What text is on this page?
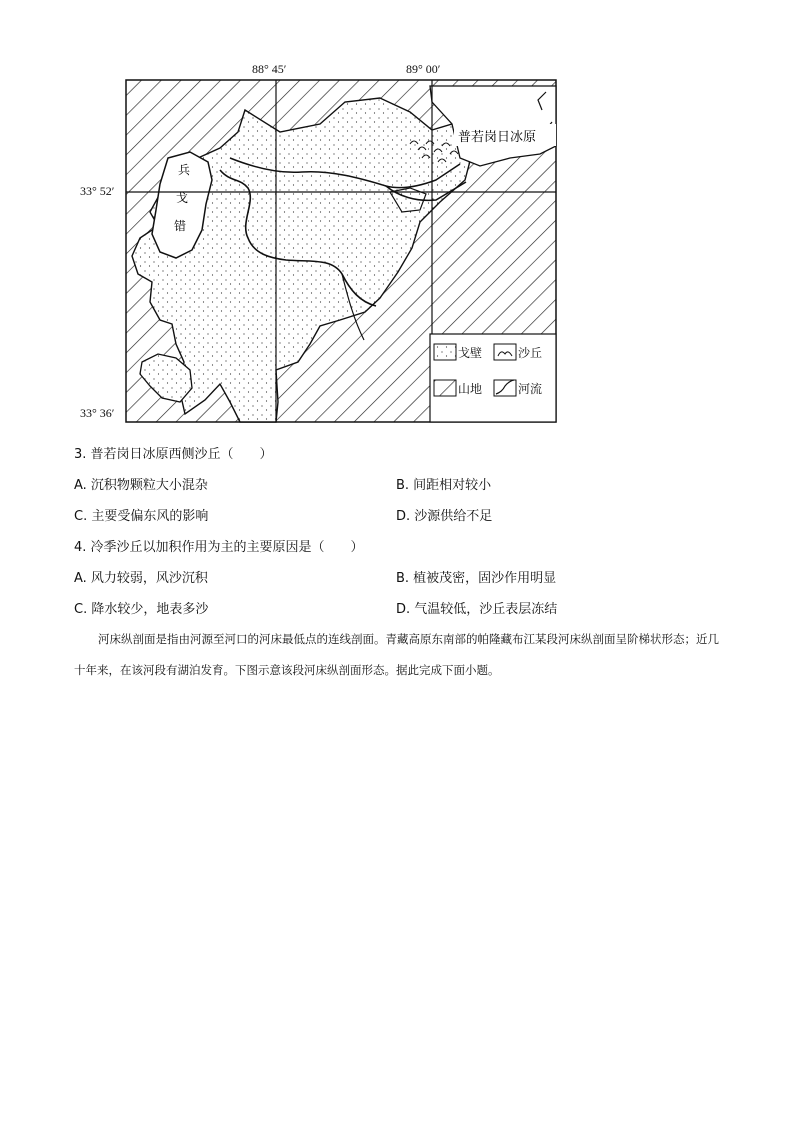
兵
戈
错
普若岗日冰原
戈壁	沙丘
山地	河流
88° 45′	89° 00′
33° 52′
33° 36′
3. 普若岗日冰原西侧沙丘（　　）
A. 沉积物颗粒大小混杂	B. 间距相对较小
C. 主要受偏东风的影响	D. 沙源供给不足
4. 冷季沙丘以加积作用为主的主要原因是（　　）
A. 风力较弱，风沙沉积	B. 植被茂密，固沙作用明显
C. 降水较少，地表多沙	D. 气温较低，沙丘表层冻结
河床纵剖面是指由河源至河口的河床最低点的连线剖面。青藏高原东南部的帕隆藏布江某段河床纵剖面呈阶梯状形态；近几十年来，在该河段有湖泊发育。下图示意该段河床纵剖面形态。据此完成下面小题。
